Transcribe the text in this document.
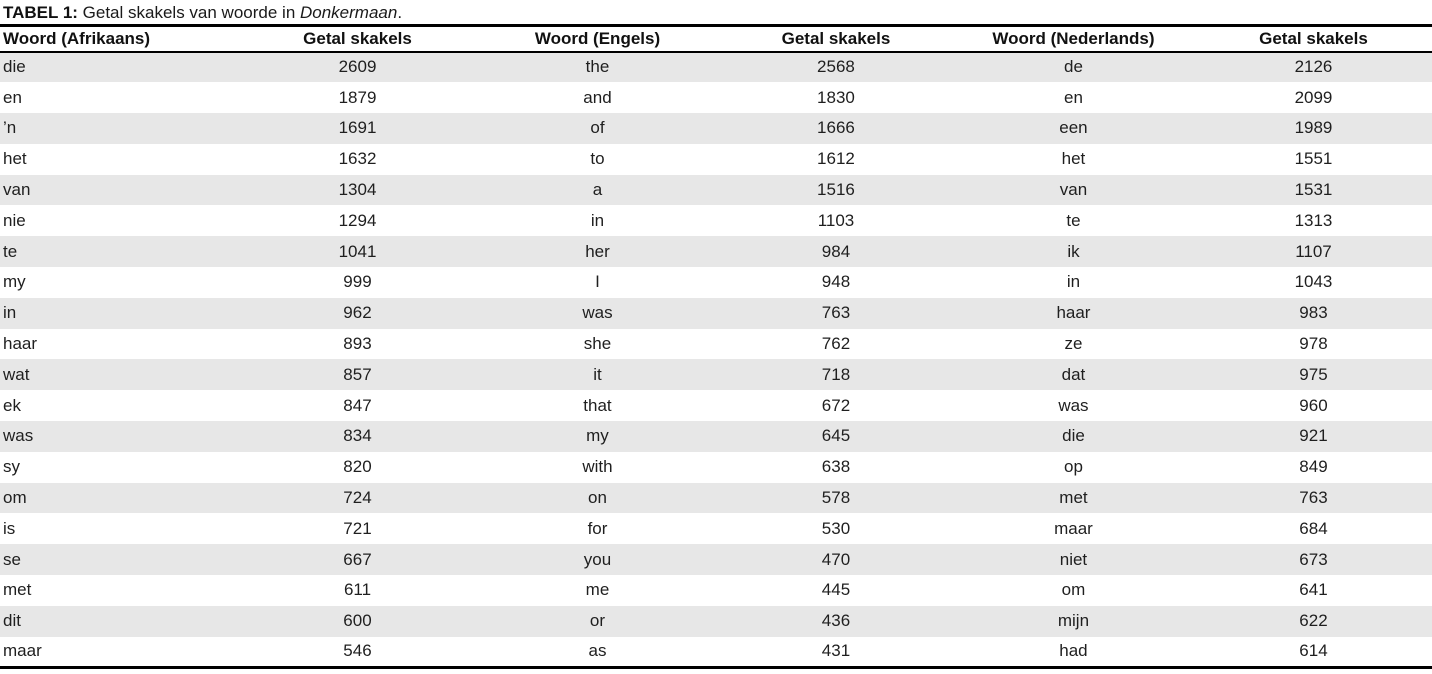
TABEL 1: Getal skakels van woorde in Donkermaan.
Woord (Afrikaans)	Getal skakels	Woord (Engels)	Getal skakels	Woord (Nederlands)	Getal skakels
die	2609	the	2568	de	2126
en	1879	and	1830	en	2099
’n	1691	of	1666	een	1989
het	1632	to	1612	het	1551
van	1304	a	1516	van	1531
nie	1294	in	1103	te	1313
te	1041	her	984	ik	1107
my	999	I	948	in	1043
in	962	was	763	haar	983
haar	893	she	762	ze	978
wat	857	it	718	dat	975
ek	847	that	672	was	960
was	834	my	645	die	921
sy	820	with	638	op	849
om	724	on	578	met	763
is	721	for	530	maar	684
se	667	you	470	niet	673
met	611	me	445	om	641
dit	600	or	436	mijn	622
maar	546	as	431	had	614
